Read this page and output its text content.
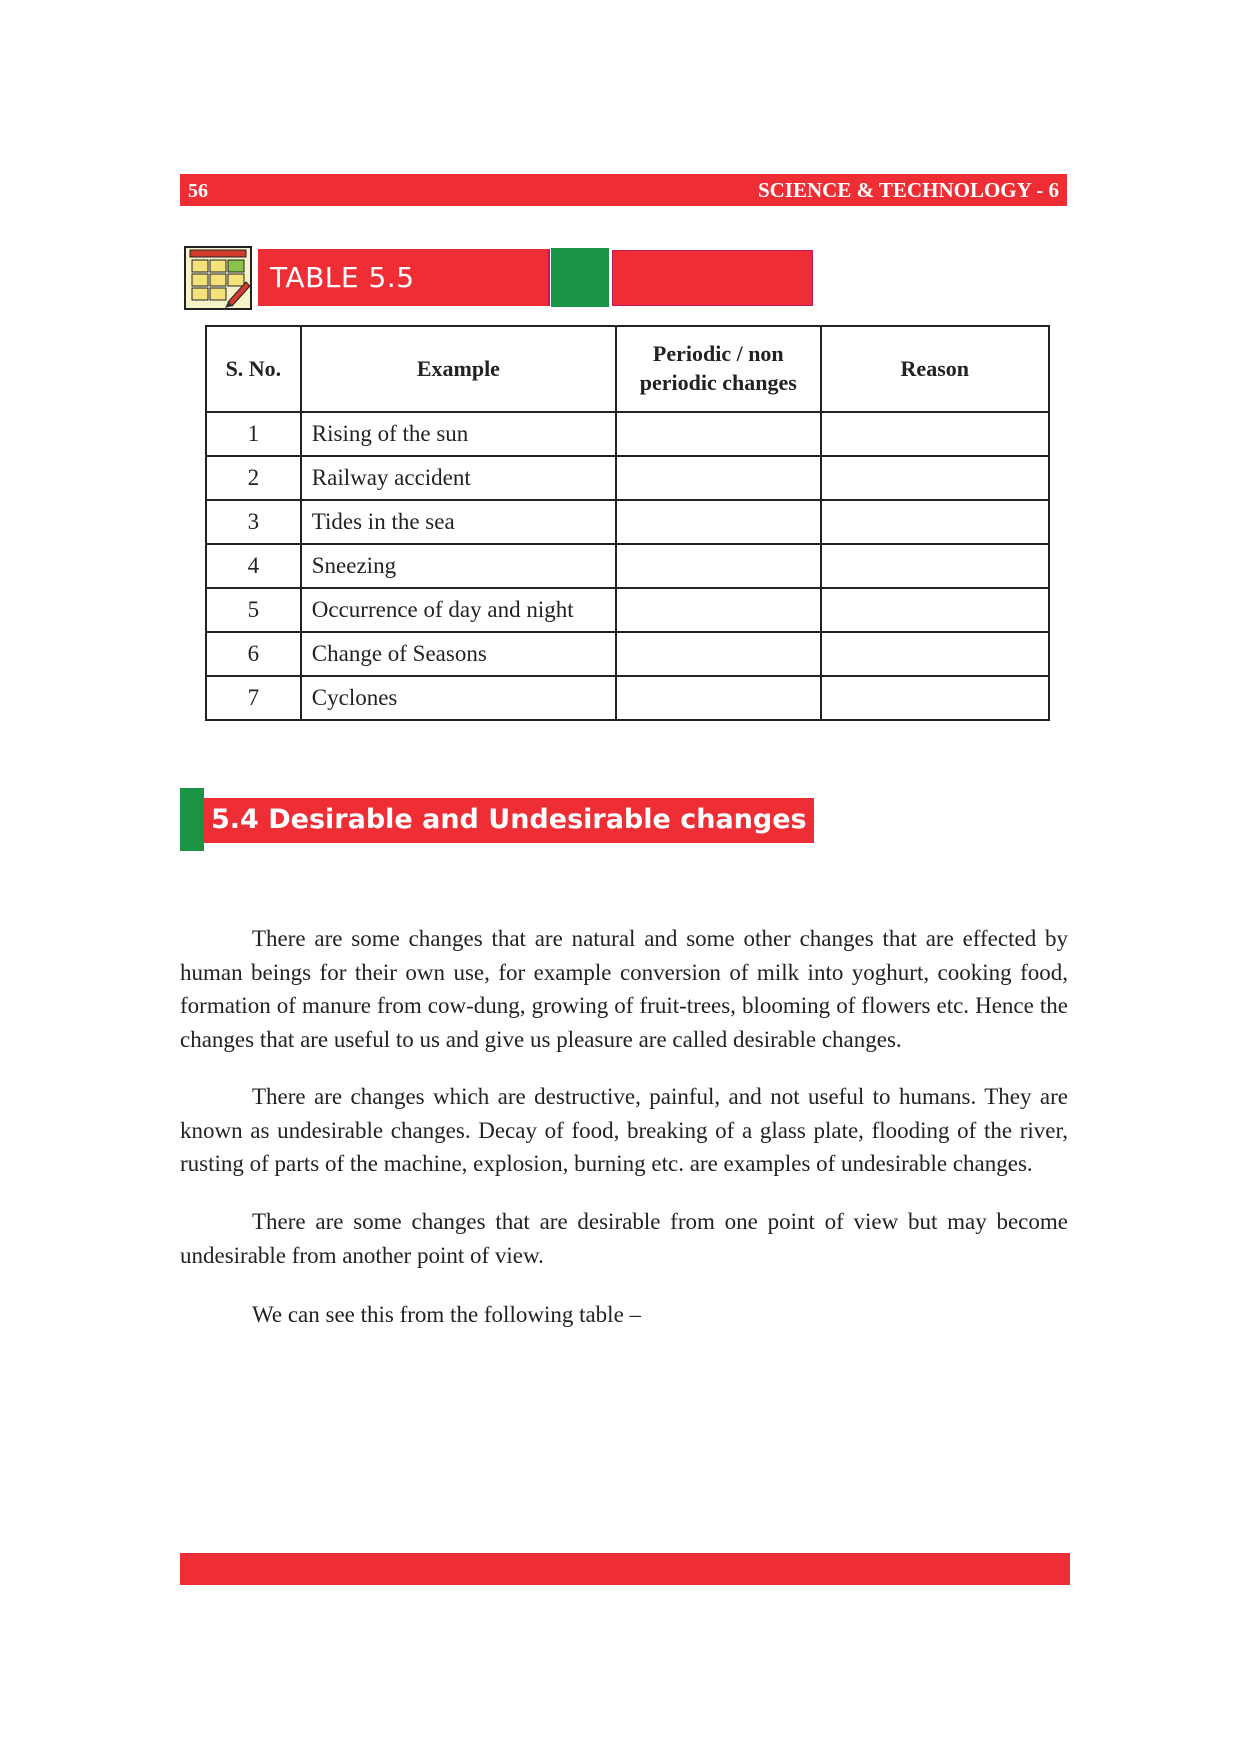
56	SCIENCE & TECHNOLOGY - 6
TABLE 5.5
S. No.	Example	Periodic / non periodic changes	Reason
1	Rising of the sun		
2	Railway accident		
3	Tides in the sea		
4	Sneezing		
5	Occurrence of day and night		
6	Change of Seasons		
7	Cyclones		
5.4 Desirable and Undesirable changes

There are some changes that are natural and some other changes that are effected by human beings for their own use, for example conversion of milk into yoghurt, cooking food, formation of manure from cow-dung, growing of fruit-trees, blooming of flowers etc. Hence the changes that are useful to us and give us pleasure are called desirable changes.

There are changes which are destructive, painful, and not useful to humans. They are known as undesirable changes. Decay of food, breaking of a glass plate, flooding of the river, rusting of parts of the machine, explosion, burning etc. are examples of undesirable changes.

There are some changes that are desirable from one point of view but may become undesirable from another point of view.

We can see this from the following table –
